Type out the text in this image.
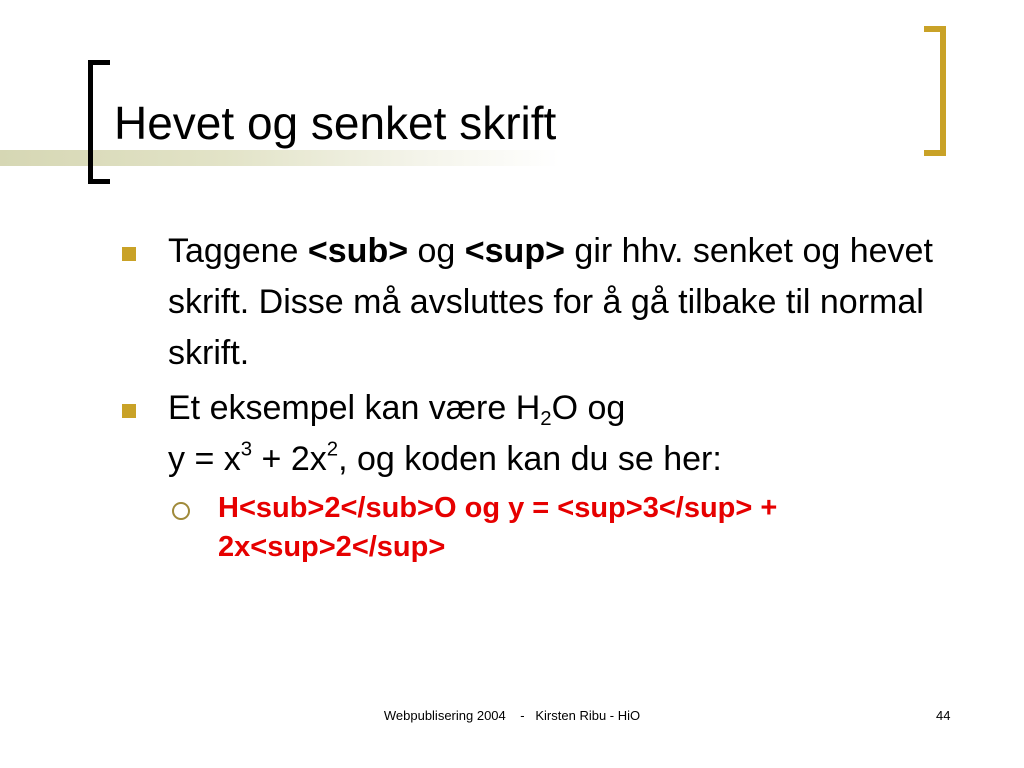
Hevet og senket skrift
Taggene <sub> og <sup> gir hhv. senket og hevet skrift. Disse må avsluttes for å gå tilbake til normal skrift.
Et eksempel kan være $H_2O$ og
$y = x^3 + 2x^2$, og koden kan du se her:
H<sub>2</sub>O og y = <sup>3</sup> + 2x<sup>2</sup>
Webpublisering 2004    -   Kirsten Ribu - HiO	44
